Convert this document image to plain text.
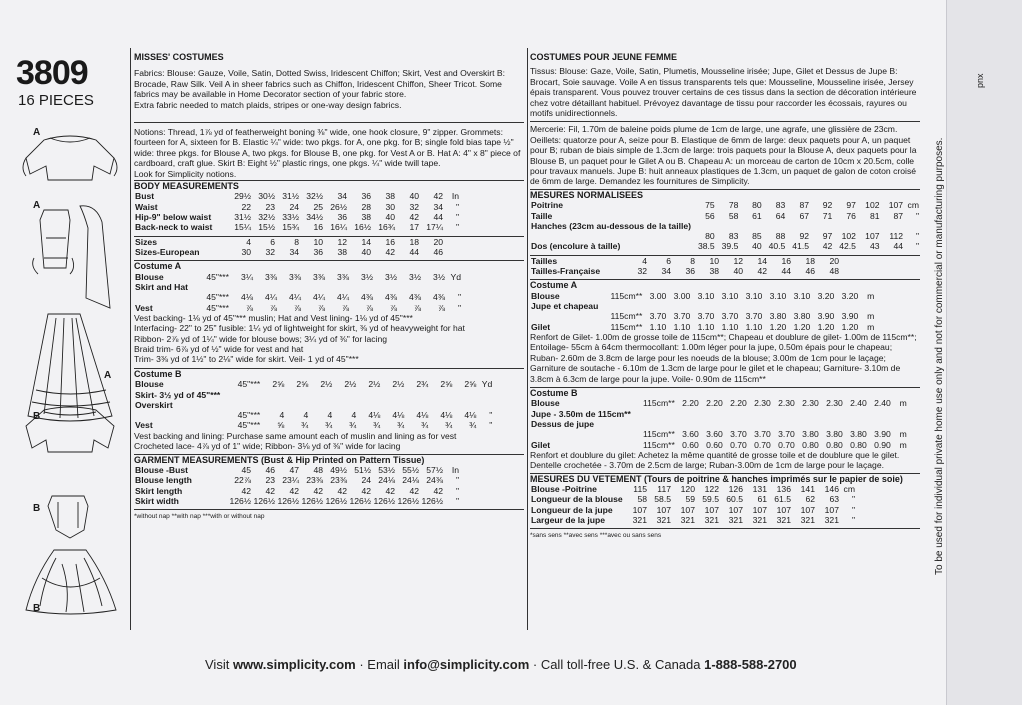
3809
16 PIECES
A
A
A
B
B
B
MISSES' COSTUMES

Fabrics: Blouse: Gauze, Voile, Satin, Dotted Swiss, Iridescent Chiffon; Skirt, Vest and Overskirt B: Brocade, Raw Silk. Veil A in sheer fabrics such as Chiffon, Iridescent Chiffon, Sheer Tricot. Some fabrics may be available in Home Decorator section of your fabric store.

Extra fabric needed to match plaids, stripes or one-way design fabrics.

Notions: Thread, 1⅞ yd of featherweight boning ⅜" wide, one hook closure, 9" zipper. Grommets: fourteen for A, sixteen for B. Elastic ¼" wide: two pkgs. for A, one pkg. for B; single fold bias tape ½" wide: three pkgs. for Blouse A, two pkgs. for Blouse B, one pkg. for Vest A or B. Hat A: 4" x 8" piece of cardboard, craft glue. Skirt B: Eight ½" plastic rings, one pkgs. ¼" wide twill tape.

Look for Simplicity notions.

BODY MEASUREMENTS
Bust	29½	30½	31½	32½	34	36	38	40	42	In
Waist	22	23	24	25	26½	28	30	32	34	"
Hip-9" below waist	31½	32½	33½	34½	36	38	40	42	44	"
Back-neck to waist	15¼	15½	15¾	16	16¼	16½	16¾	17	17¼	"
Sizes	4	6	8	10	12	14	16	18	20
Sizes-European	30	32	34	36	38	40	42	44	46
Costume A
Blouse	45"***	3¼	3⅜	3⅜	3⅜	3⅜	3½	3½	3½	3½	Yd
Skirt and Hat											
	45"***	4⅛	4¼	4¼	4¼	4¼	4⅜	4⅜	4⅜	4⅜	"
Vest	45"***	⅞	⅞	⅞	⅞	⅞	⅞	⅞	⅞	⅞	"
Vest backing- 1⅛ yd of 45"*** muslin; Hat and Vest lining- 1⅛ yd of 45"***
Interfacing- 22" to 25" fusible: 1¼ yd of lightweight for skirt, ⅜ yd of heavyweight for hat
Ribbon- 2⅞ yd of 1¼" wide for blouse bows; 3¼ yd of ⅜" for lacing
Braid trim- 6⅞ yd of ½" wide for vest and hat
Trim- 3⅜ yd of 1½" to 2⅛" wide for skirt. Veil- 1 yd of 45"***
Costume B
Blouse	45"***	2⅝	2⅝	2½	2½	2½	2½	2¾	2⅝	2⅝	Yd
Skirt- 3½ yd of 45"***											
Overskirt											
	45"***	4	4	4	4	4⅛	4⅛	4⅛	4⅛	4⅛	"
Vest	45"***	⅝	¾	¾	¾	¾	¾	¾	¾	¾	"
Vest backing and lining: Purchase same amount each of muslin and lining as for vest
Crocheted lace- 4⅞ yd of 1" wide; Ribbon- 3⅛ yd of ⅜" wide for lacing
GARMENT MEASUREMENTS (Bust & Hip Printed on Pattern Tissue)
Blouse -Bust	45	46	47	48	49½	51½	53½	55½	57½	In
Blouse length	22⅞	23	23¼	23⅜	23⅜	24	24⅛	24⅛	24⅜	"
Skirt length	42	42	42	42	42	42	42	42	42	"
Skirt width	126½	126½	126½	126½	126½	126½	126½	126½	126½	"
*without nap **with nap ***with or without nap
COSTUMES POUR JEUNE FEMME

Tissus: Blouse: Gaze, Voile, Satin, Plumetis, Mousseline irisée; Jupe, Gilet et Dessus de Jupe B: Brocart, Soie sauvage. Voile A en tissus transparents tels que: Mousseline, Mousseline irisée, Jersey épais transparent. Vous pouvez trouver certains de ces tissus dans la section de décoration intérieure chez votre détaillant habituel. Prévoyez davantage de tissu pour raccorder les écossais, rayures ou motifs unidirectionnels.

Mercerie: Fil, 1.70m de baleine poids plume de 1cm de large, une agrafe, une glissière de 23cm. Oeillets: quatorze pour A, seize pour B. Elastique de 6mm de large: deux paquets pour A, un paquet pour B; ruban de biais simple de 1.3cm de large: trois paquets pour la Blouse A, deux paquets pour la Blouse B, un paquet pour le Gilet A ou B. Chapeau A: un morceau de carton de 10cm x 20.5cm, colle pour travaux manuels. Jupe B: huit anneaux plastiques de 1.3cm, un paquet de galon de coton croisé de 6mm de large. Demandez les fournitures de Simplicity.

MESURES NORMALISEES
Poitrine	75	78	80	83	87	92	97	102	107	cm
Taille	56	58	61	64	67	71	76	81	87	"
Hanches (23cm au-dessous de la taille)										
	80	83	85	88	92	97	102	107	112	"
Dos (encolure à taille)	38.5	39.5	40	40.5	41.5	42	42.5	43	44	"
Tailles	4	6	8	10	12	14	16	18	20
Tailles-Française	32	34	36	38	40	42	44	46	48
Costume A
Blouse	115cm**	3.00	3.00	3.10	3.10	3.10	3.10	3.10	3.20	3.20	m
Jupe et chapeau											
	115cm**	3.70	3.70	3.70	3.70	3.70	3.80	3.80	3.90	3.90	m
Gilet	115cm**	1.10	1.10	1.10	1.10	1.10	1.20	1.20	1.20	1.20	m

Renfort de Gilet- 1.00m de grosse toile de 115cm**; Chapeau et doublure de gilet- 1.00m de 115cm**; Entoilage- 55cm à 64cm thermocollant: 1.00m léger pour la jupe, 0.50m épais pour le chapeau; Ruban- 2.60m de 3.8cm de large pour les noeuds de la blouse; 3.00m de 1cm pour le laçage; Garniture de soutache - 6.10m de 1.3cm de large pour le gilet et le chapeau; Garniture- 3.10m de 3.8cm à 6.3cm de large pour la jupe. Voile- 0.90m de 115cm**

Costume B
Blouse	115cm**	2.20	2.20	2.20	2.30	2.30	2.30	2.30	2.40	2.40	m
Jupe - 3.50m de 115cm**											
Dessus de jupe											
	115cm**	3.60	3.60	3.70	3.70	3.70	3.80	3.80	3.80	3.90	m
Gilet	115cm**	0.60	0.60	0.70	0.70	0.70	0.80	0.80	0.80	0.90	m

Renfort et doublure du gilet: Achetez la même quantité de grosse toile et de doublure que le gilet. Dentelle crochetée - 3.70m de 2.5cm de large; Ruban-3.00m de 1cm de large pour le laçage.

MESURES DU VETEMENT (Tours de poitrine & hanches imprimés sur le papier de soie)
Blouse -Poitrine	115	117	120	122	126	131	136	141	146	cm
Longueur de la blouse	58	58.5	59	59.5	60.5	61	61.5	62	63	"
Longueur de la jupe	107	107	107	107	107	107	107	107	107	"
Largeur de la jupe	321	321	321	321	321	321	321	321	321	"
*sans sens **avec sens ***avec ou sans sens	To be used for individual private home use only and not for commercial or manufacturing purposes.
pnx
Visit www.simplicity.com · Email info@simplicity.com · Call toll-free U.S. & Canada 1-888-588-2700
